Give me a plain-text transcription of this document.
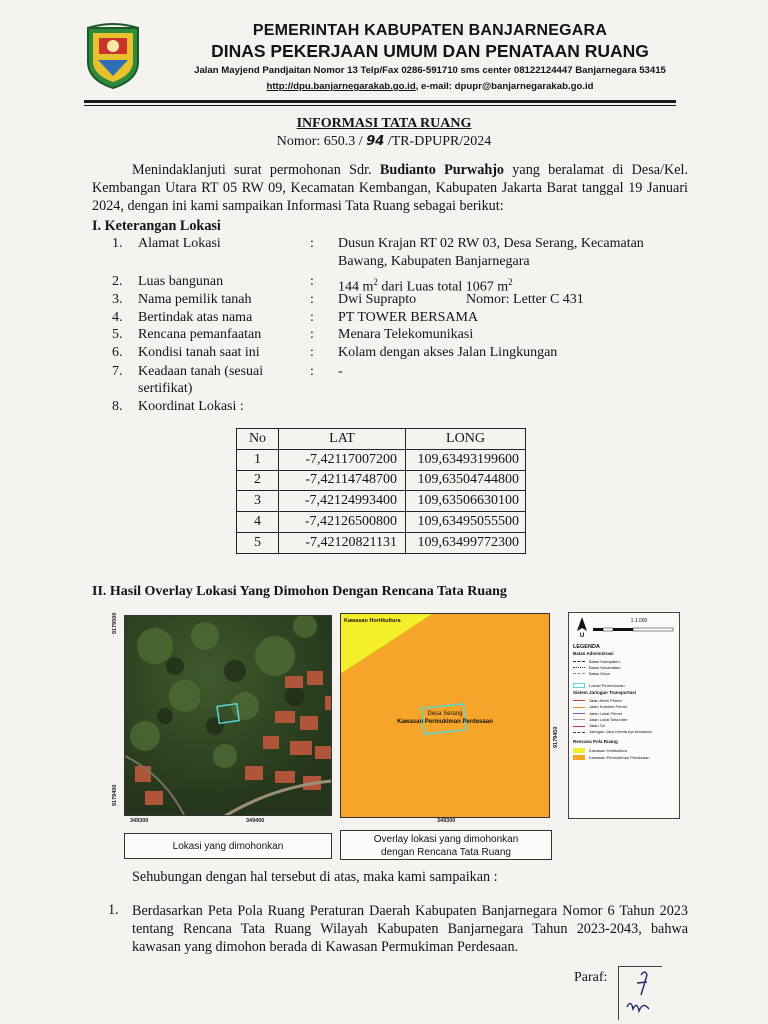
PEMERINTAH KABUPATEN BANJARNEGARA
DINAS PEKERJAAN UMUM DAN PENATAAN RUANG
Jalan Mayjend Pandjaitan Nomor 13 Telp/Fax 0286-591710 sms center 08122124447 Banjarnegara 53415
http://dpu.banjarnegarakab.go.id, e-mail: dpupr@banjarnegarakab.go.id
INFORMASI TATA RUANG
Nomor: 650.3 / 94 /TR-DPUPR/2024
Menindaklanjuti surat permohonan Sdr. Budianto Purwahjo yang beralamat di Desa/Kel. Kembangan Utara RT 05 RW 09, Kecamatan Kembangan, Kabupaten Jakarta Barat tanggal 19 Januari 2024, dengan ini kami sampaikan Informasi Tata Ruang sebagai berikut:
I. Keterangan Lokasi
1.	Alamat Lokasi	: Dusun Krajan RT 02 RW 03, Desa Serang, Kecamatan
Bawang, Kabupaten Banjarnegara
2.	Luas bangunan	: 144 $m^2$ dari Luas total 1067 $m^2$
3.	Nama pemilik tanah	: Dwi Suprapto	Nomor: Letter C 431
4.	Bertindak atas nama	: PT TOWER BERSAMA
5.	Rencana pemanfaatan	: Menara Telekomunikasi
6.	Kondisi tanah saat ini	: Kolam dengan akses Jalan Lingkungan
7.	Keadaan tanah (sesuai
sertifikat)
: -
8.	Koordinat Lokasi :
No	LAT	LONG
1	-7,42117007200	109,63493199600
2	-7,42114748700	109,63504744800
3	-7,42124993400	109,63506630100
4	-7,42126500800	109,63495055500
5	-7,42120821131	109,63499772300
II. Hasil Overlay Lokasi Yang Dimohon Dengan Rencana Tata Ruang
9179500
9179400
349300	349400
Lokasi yang dimohonkan
Kawasan Hortikultura
Desa Serang
Kawasan Permukiman Perdesaan
9179450
349300
Overlay lokasi yang dimohonkan
dengan Rencana Tata Ruang
U
1:1.000
LEGENDA
Batas Administrasi
Batas Kabupaten
Batas Kecamatan
Batas Desa
Lokasi Permohonan
Sistem Jaringan Transportasi
Jalan Arteri Primer
Jalan Kolektor Primer
Jalan Lokal Primer
Jalan Lokal Sekunder
Jalan Tol
Jaringan Jalur Kereta Api Antarkota
Rencana Pola Ruang
Kawasan Hortikultura
Kawasan Permukiman Perdesaan
Sehubungan dengan hal tersebut di atas, maka kami sampaikan :
1. Berdasarkan Peta Pola Ruang Peraturan Daerah Kabupaten Banjarnegara Nomor 6 Tahun 2023 tentang Rencana Tata Ruang Wilayah Kabupaten Banjarnegara Tahun 2023-2043, bahwa kawasan yang dimohon berada di Kawasan Permukiman Perdesaan.
Paraf:
